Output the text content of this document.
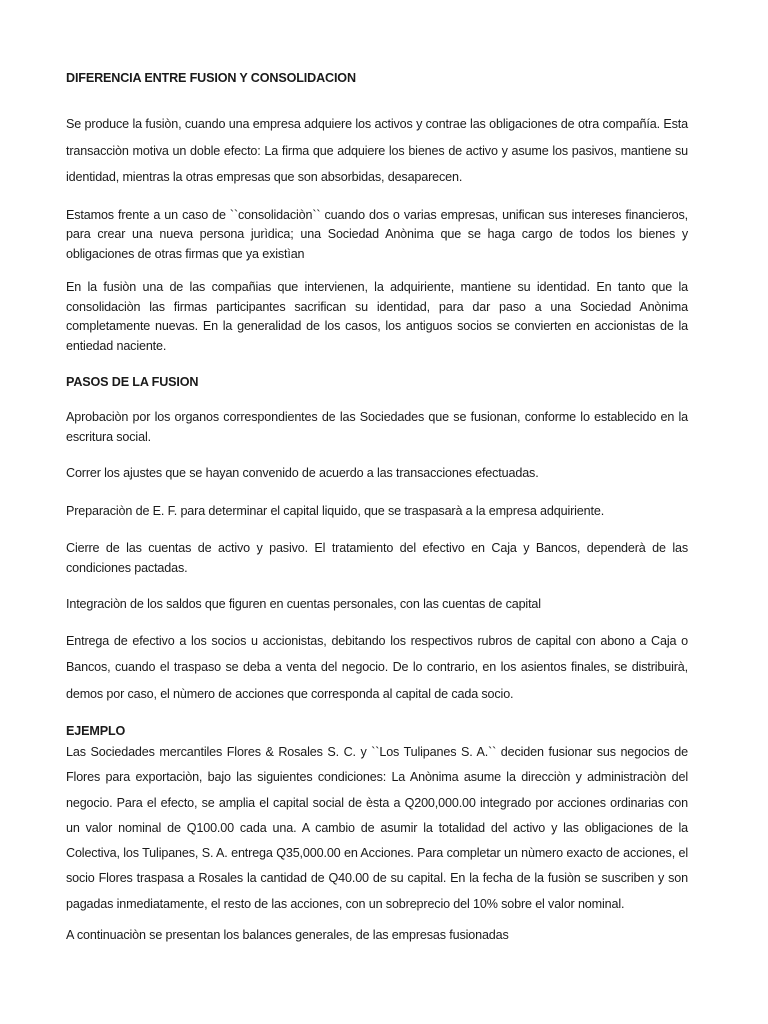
DIFERENCIA ENTRE FUSION Y CONSOLIDACION

Se produce la fusiòn, cuando una empresa adquiere los activos y contrae las obligaciones de otra compañía. Esta transacciòn motiva un doble efecto: La firma que adquiere los bienes de activo y asume los pasivos, mantiene su identidad, mientras la otras empresas que son absorbidas, desaparecen.

Estamos frente a un caso de ``consolidaciòn`` cuando dos o varias empresas, unifican sus intereses financieros, para crear una nueva persona jurìdica; una Sociedad Anònima que se haga cargo de todos los bienes y obligaciones de otras firmas que ya existìan

En la fusiòn una de las compañias que intervienen, la adquiriente, mantiene su identidad. En tanto que la consolidaciòn las firmas participantes sacrifican su identidad, para dar paso a una Sociedad Anònima completamente nuevas. En la generalidad de los casos, los antiguos socios se convierten en accionistas de la entiedad naciente.

PASOS DE LA FUSION

Aprobaciòn por los organos correspondientes de las Sociedades que se fusionan, conforme lo establecido en la escritura social.

Correr los ajustes que se hayan convenido de acuerdo a las transacciones efectuadas.

Preparaciòn de E. F. para determinar el capital liquido, que se traspasarà a la empresa adquiriente.

Cierre de las cuentas de activo y pasivo. El tratamiento del efectivo en Caja y Bancos, dependerà de las condiciones pactadas.

Integraciòn de los saldos que figuren en cuentas personales, con las cuentas de capital

Entrega de efectivo a los socios u accionistas, debitando los respectivos rubros de capital con abono a Caja o Bancos, cuando el traspaso se deba a venta del negocio. De lo contrario, en los asientos finales, se distribuirà, demos por caso, el nùmero de acciones que corresponda al capital de cada socio.

EJEMPLO

Las Sociedades mercantiles Flores & Rosales S. C. y ``Los Tulipanes S. A.`` deciden fusionar sus negocios de Flores para exportaciòn, bajo las siguientes condiciones: La Anònima asume la direcciòn y administraciòn del negocio. Para el efecto, se amplia el capital social de èsta a Q200,000.00 integrado por acciones ordinarias con un valor nominal de Q100.00 cada una. A cambio de asumir la totalidad del activo y las obligaciones de la Colectiva, los Tulipanes, S. A. entrega Q35,000.00 en Acciones. Para completar un nùmero exacto de acciones, el socio Flores traspasa a Rosales la cantidad de Q40.00 de su capital. En la fecha de la fusiòn se suscriben y son pagadas inmediatamente, el resto de las acciones, con un sobreprecio del 10% sobre el valor nominal.

A continuaciòn se presentan los balances generales, de las empresas fusionadas
